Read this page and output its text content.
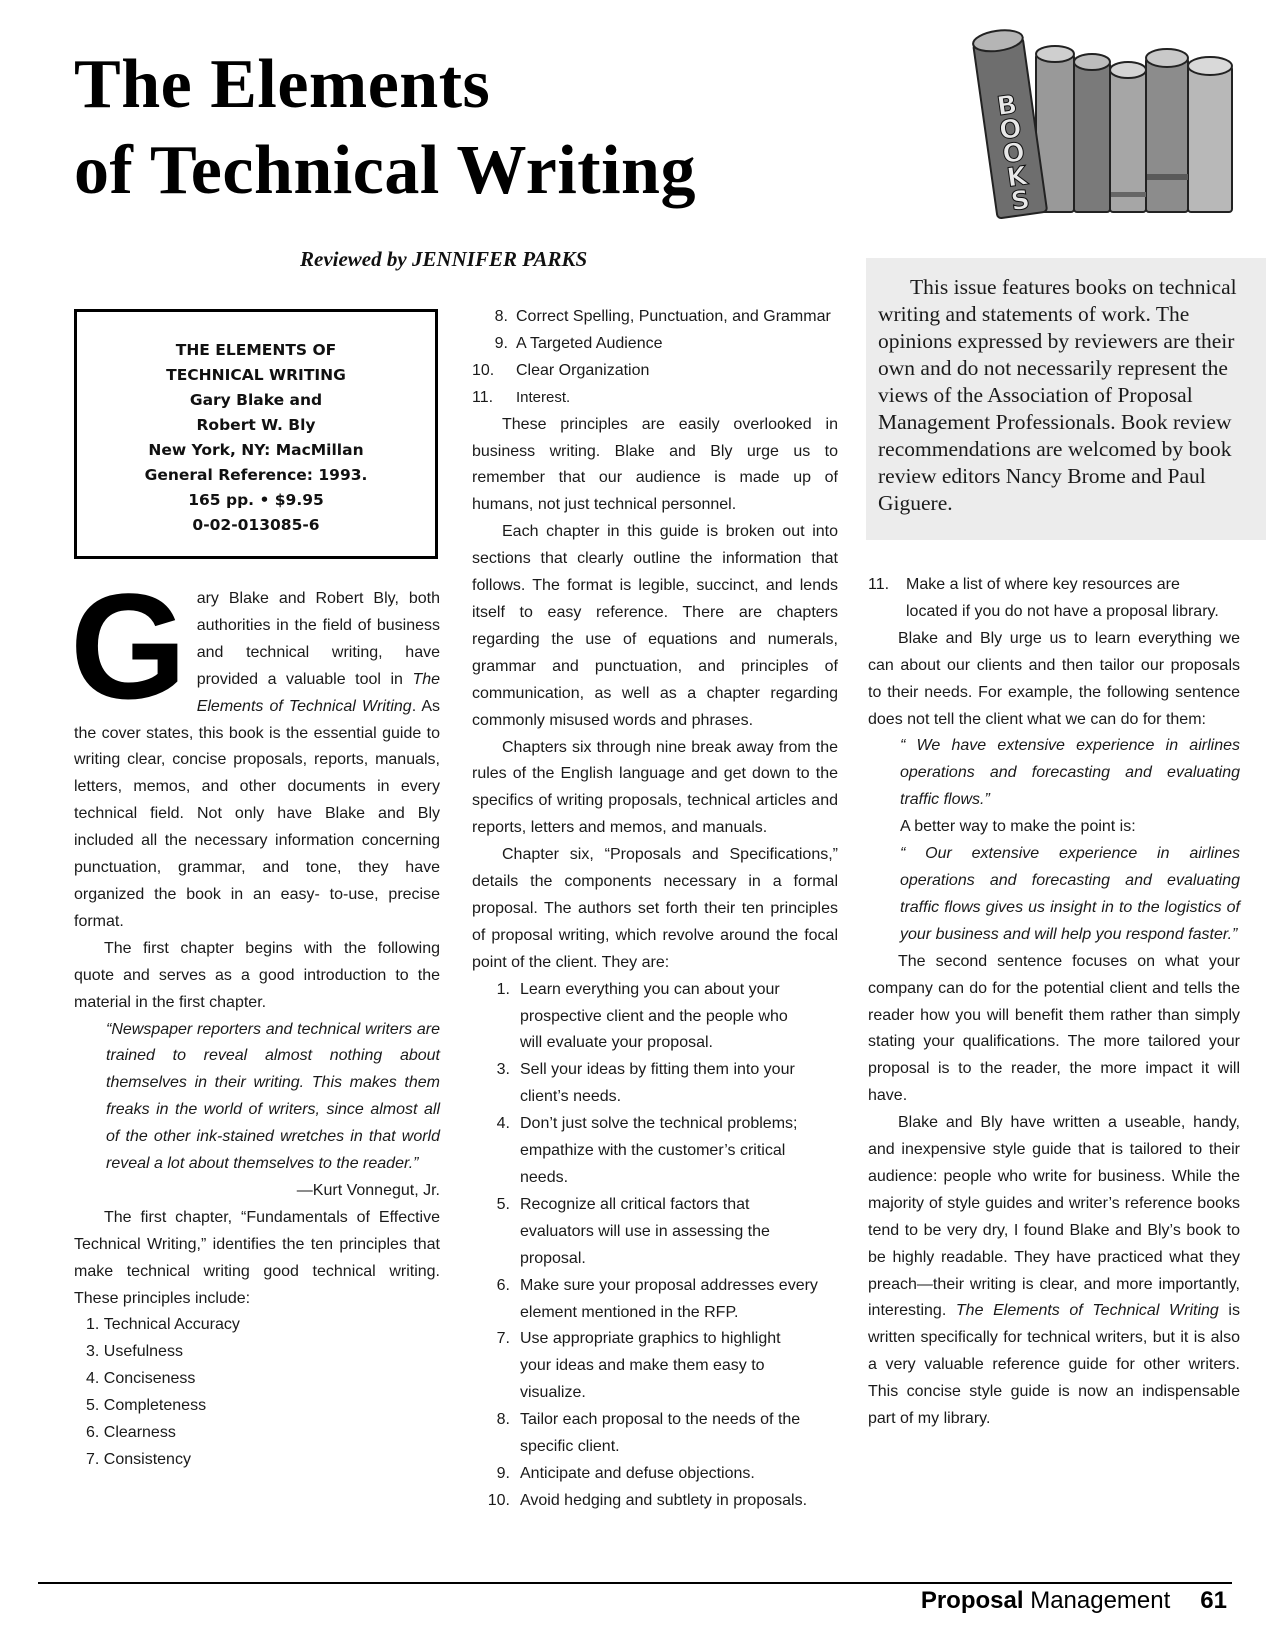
The Elements
of Technical Writing
Reviewed by JENNIFER PARKS
B
O
O
K
S

This issue features books on technical writing and statements of work. The opinions expressed by reviewers are their own and do not necessarily represent the views of the Association of Proposal Management Professionals. Book review recommendations are welcomed by book review editors Nancy Brome and Paul Giguere.

THE ELEMENTS OF
TECHNICAL WRITING
Gary Blake and
Robert W. Bly
New York, NY: MacMillan
General Reference: 1993.
165 pp. • $9.95
0-02-013085-6

Gary Blake and Robert Bly, both authorities in the field of business and technical writing, have provided a valuable tool in The Elements of Technical Writing. As the cover states, this book is the essential guide to writing clear, concise proposals, reports, manuals, letters, memos, and other documents in every technical field. Not only have Blake and Bly included all the necessary information concerning punctuation, grammar, and tone, they have organized the book in an easy- to-use, precise format.

The first chapter begins with the following quote and serves as a good introduction to the material in the first chapter.

“Newspaper reporters and technical writers are trained to reveal almost nothing about themselves in their writing. This makes them freaks in the world of writers, since almost all of the other ink-stained wretches in that world reveal a lot about themselves to the reader.”

—Kurt Vonnegut, Jr.

The first chapter, “Fundamentals of Effective Technical Writing,” identifies the ten principles that make technical writing good technical writing. These principles include:

1.
Technical Accuracy
3.
Usefulness
4.
Conciseness
5.
Completeness
6.
Clearness
7.
Consistency
8. Correct Spelling, Punctuation, and Grammar
9. A Targeted Audience
10.	Clear Organization
11.	Interest.

These principles are easily overlooked in business writing. Blake and Bly urge us to remember that our audience is made up of humans, not just technical personnel.

Each chapter in this guide is broken out into sections that clearly outline the information that follows. The format is legible, succinct, and lends itself to easy reference. There are chapters regarding the use of equations and numerals, grammar and punctuation, and principles of communication, as well as a chapter regarding commonly misused words and phrases.

Chapters six through nine break away from the rules of the English language and get down to the specifics of writing proposals, technical articles and reports, letters and memos, and manuals.

Chapter six, “Proposals and Specifications,” details the components necessary in a formal proposal. The authors set forth their ten principles of proposal writing, which revolve around the focal point of the client. They are:

1. Learn everything you can about your prospective client and the people who will evaluate your proposal.
3. Sell your ideas by fitting them into your client’s needs.
4. Don’t just solve the technical problems; empathize with the customer’s critical needs.
5. Recognize all critical factors that evaluators will use in assessing the proposal.
6. Make sure your proposal addresses every element mentioned in the RFP.
7. Use appropriate graphics to highlight your ideas and make them easy to visualize.
8. Tailor each proposal to the needs of the specific client.
9. Anticipate and defuse objections.
10. Avoid hedging and subtlety in proposals.
11.	Make a list of where key resources are located if you do not have a proposal library.

Blake and Bly urge us to learn everything we can about our clients and then tailor our proposals to their needs. For example, the following sentence does not tell the client what we can do for them:

“ We have extensive experience in airlines operations and forecasting and evaluating traffic flows.”

A better way to make the point is:

“ Our extensive experience in airlines operations and forecasting and evaluating traffic flows gives us insight in to the logistics of your business and will help you respond faster.”

The second sentence focuses on what your company can do for the potential client and tells the reader how you will benefit them rather than simply stating your qualifications. The more tailored your proposal is to the reader, the more impact it will have.

Blake and Bly have written a useable, handy, and inexpensive style guide that is tailored to their audience: people who write for business. While the majority of style guides and writer’s reference books tend to be very dry, I found Blake and Bly’s book to be highly readable. They have practiced what they preach—their writing is clear, and more importantly, interesting. The Elements of Technical Writing is written specifically for technical writers, but it is also a very valuable reference guide for other writers. This concise style guide is now an indispensable part of my library.

Proposal Management 61
